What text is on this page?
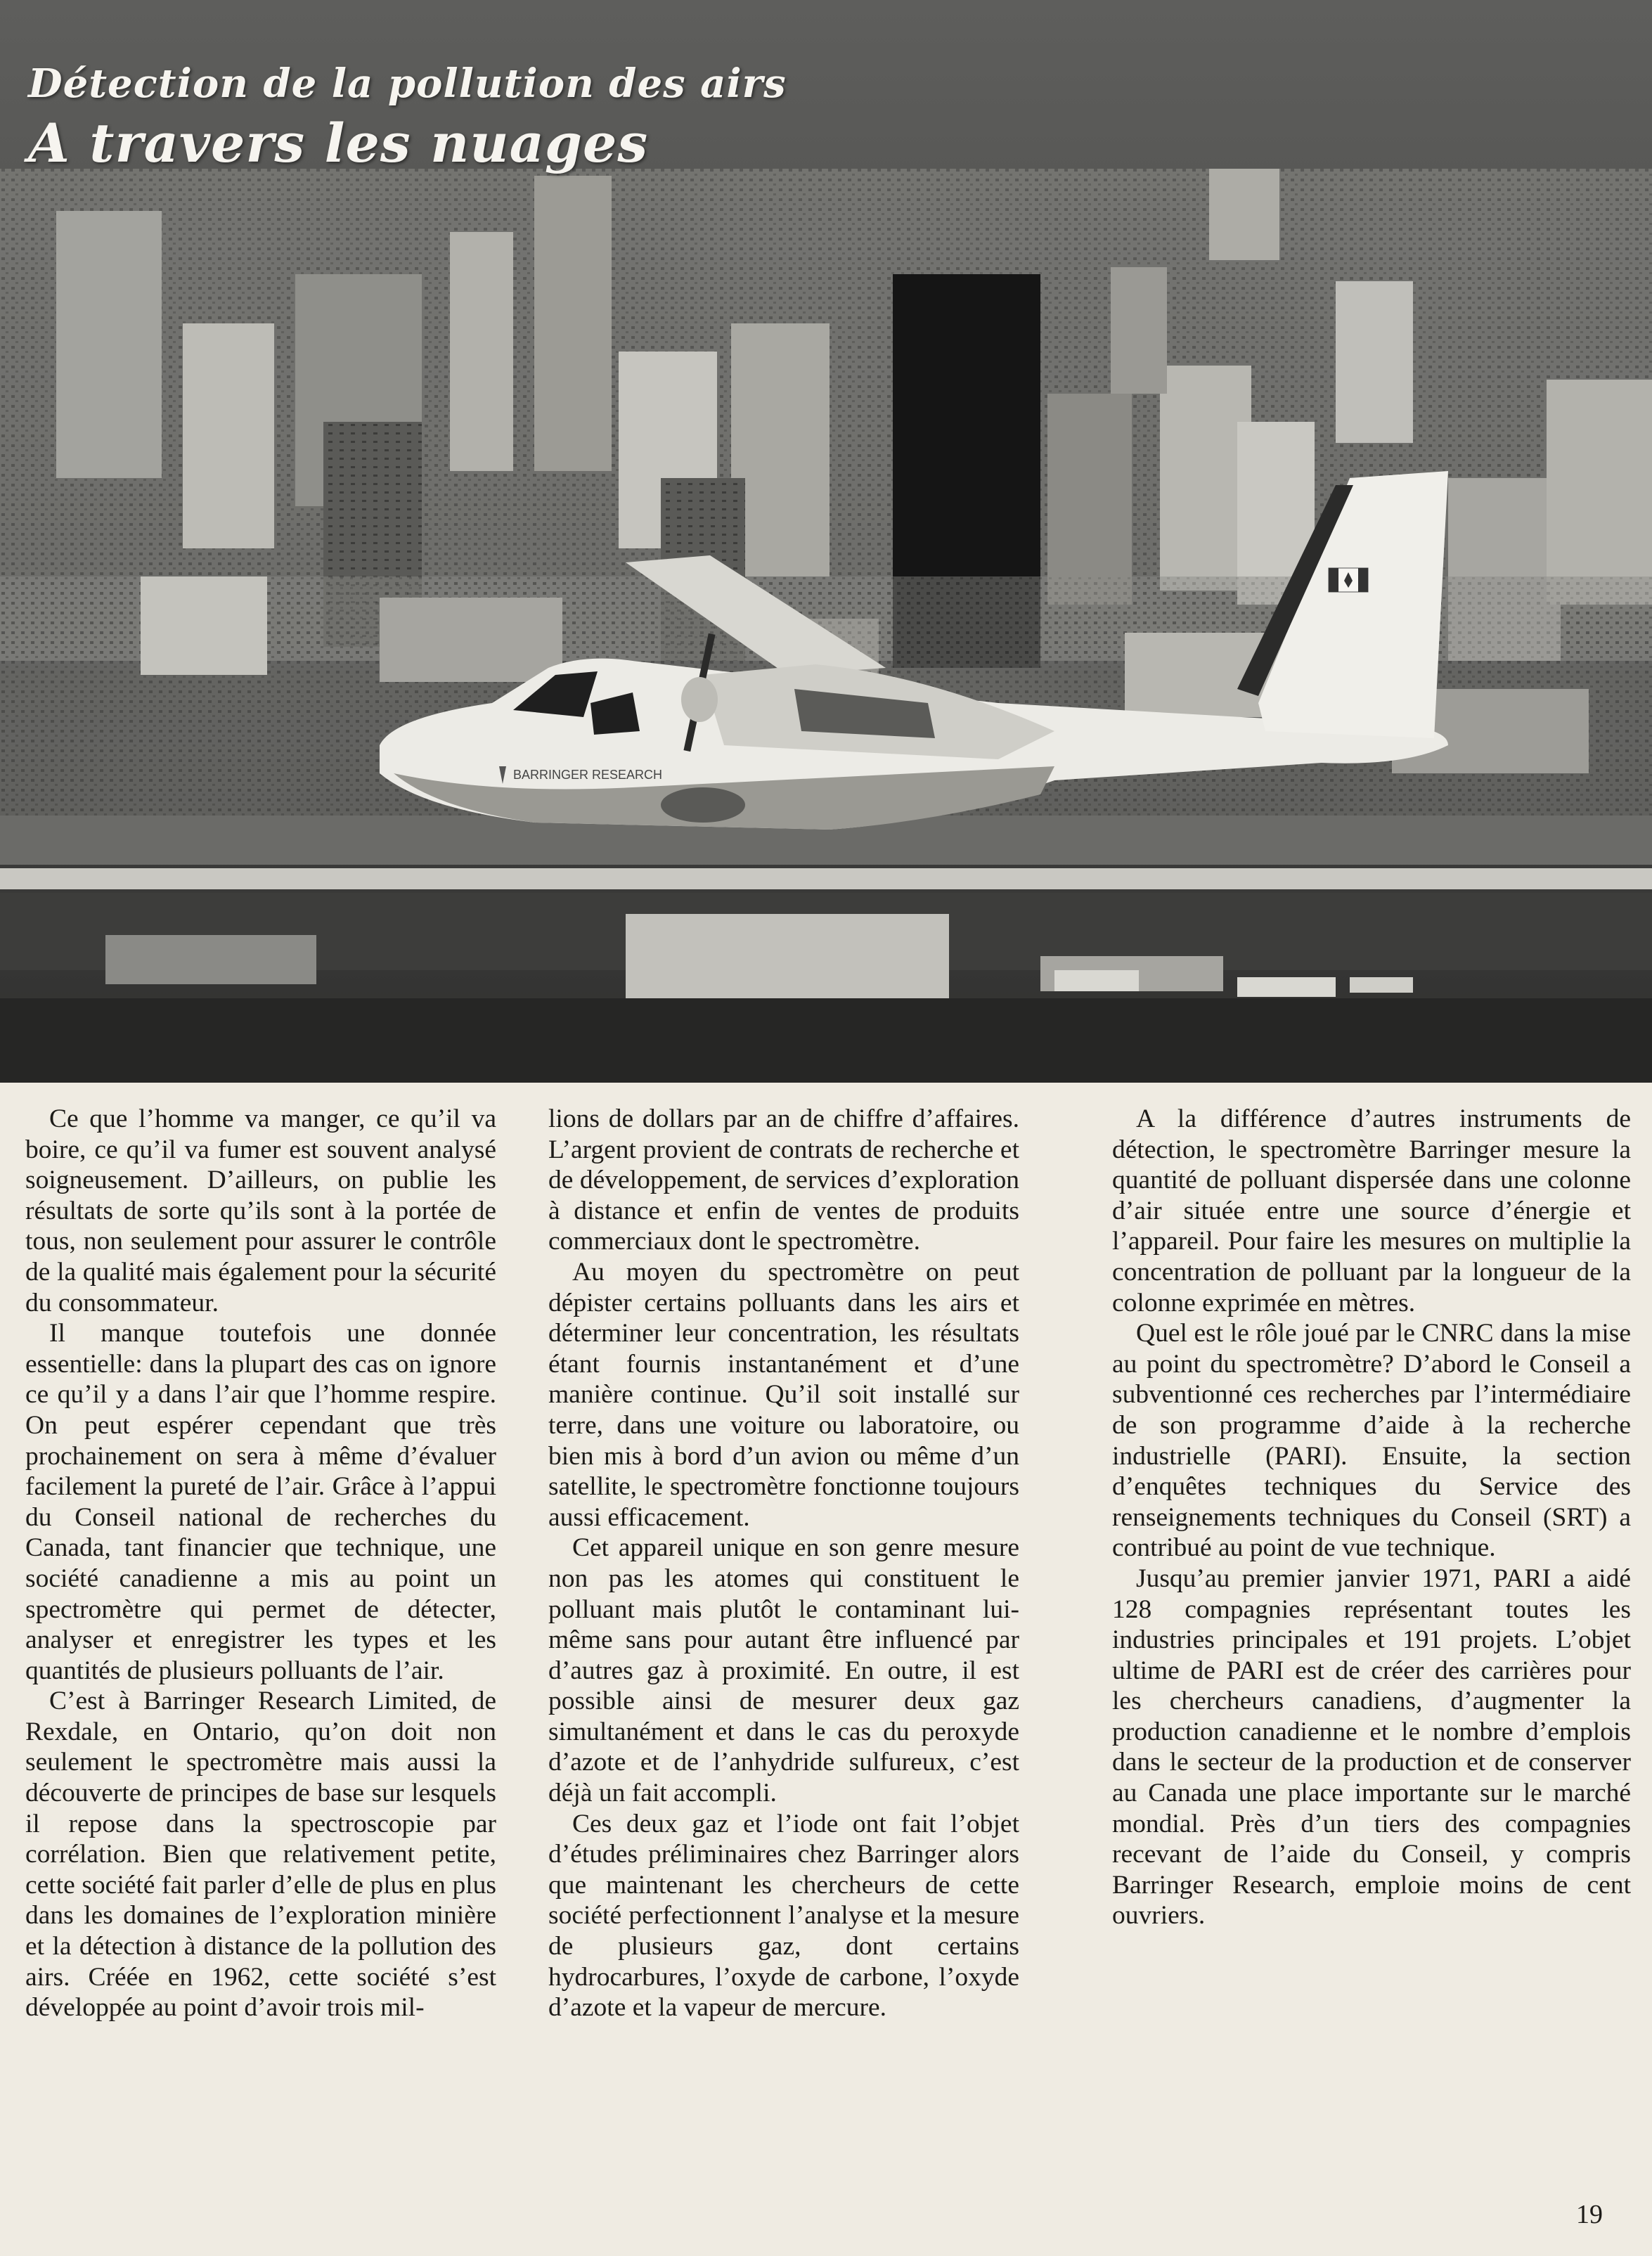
BARRINGER RESEARCH
Détection de la pollution des airs
A travers les nuages

Ce que l’homme va manger, ce qu’il va boire, ce qu’il va fumer est souvent analysé soigneusement. D’ailleurs, on publie les résultats de sorte qu’ils sont à la portée de tous, non seulement pour assurer le contrôle de la qualité mais également pour la sécurité du consommateur.

Il manque toutefois une donnée essentielle: dans la plupart des cas on ignore ce qu’il y a dans l’air que l’homme respire. On peut espérer cependant que très prochainement on sera à même d’évaluer facilement la pureté de l’air. Grâce à l’appui du Conseil national de recherches du Canada, tant financier que technique, une société canadienne a mis au point un spectromètre qui permet de détecter, analyser et enregistrer les types et les quantités de plusieurs polluants de l’air.

C’est à Barringer Research Limited, de Rexdale, en Ontario, qu’on doit non seulement le spectromètre mais aussi la découverte de principes de base sur lesquels il repose dans la spectroscopie par corrélation. Bien que relativement petite, cette société fait parler d’elle de plus en plus dans les domaines de l’exploration minière et la détection à distance de la pollution des airs. Créée en 1962, cette société s’est développée au point d’avoir trois mil-

lions de dollars par an de chiffre d’affaires. L’argent provient de contrats de recherche et de développement, de services d’exploration à distance et enfin de ventes de produits commerciaux dont le spectromètre.

Au moyen du spectromètre on peut dépister certains polluants dans les airs et déterminer leur concentration, les résultats étant fournis instantanément et d’une manière continue. Qu’il soit installé sur terre, dans une voiture ou laboratoire, ou bien mis à bord d’un avion ou même d’un satellite, le spectromètre fonctionne toujours aussi efficacement.

Cet appareil unique en son genre mesure non pas les atomes qui constituent le polluant mais plutôt le contaminant lui-même sans pour autant être influencé par d’autres gaz à proximité. En outre, il est possible ainsi de mesurer deux gaz simultanément et dans le cas du peroxyde d’azote et de l’anhydride sulfureux, c’est déjà un fait accompli.

Ces deux gaz et l’iode ont fait l’objet d’études préliminaires chez Barringer alors que maintenant les chercheurs de cette société perfectionnent l’analyse et la mesure de plusieurs gaz, dont certains hydrocarbures, l’oxyde de carbone, l’oxyde d’azote et la vapeur de mercure.

A la différence d’autres instruments de détection, le spectromètre Barringer mesure la quantité de polluant dispersée dans une colonne d’air située entre une source d’énergie et l’appareil. Pour faire les mesures on multiplie la concentration de polluant par la longueur de la colonne exprimée en mètres.

Quel est le rôle joué par le CNRC dans la mise au point du spectromètre? D’abord le Conseil a subventionné ces recherches par l’intermédiaire de son programme d’aide à la recherche industrielle (PARI). Ensuite, la section d’enquêtes techniques du Service des renseignements techniques du Conseil (SRT) a contribué au point de vue technique.

Jusqu’au premier janvier 1971, PARI a aidé 128 compagnies représentant toutes les industries principales et 191 projets. L’objet ultime de PARI est de créer des carrières pour les chercheurs canadiens, d’augmenter la production canadienne et le nombre d’emplois dans le secteur de la production et de conserver au Canada une place importante sur le marché mondial. Près d’un tiers des compagnies recevant de l’aide du Conseil, y compris Barringer Research, emploie moins de cent ouvriers.

19
